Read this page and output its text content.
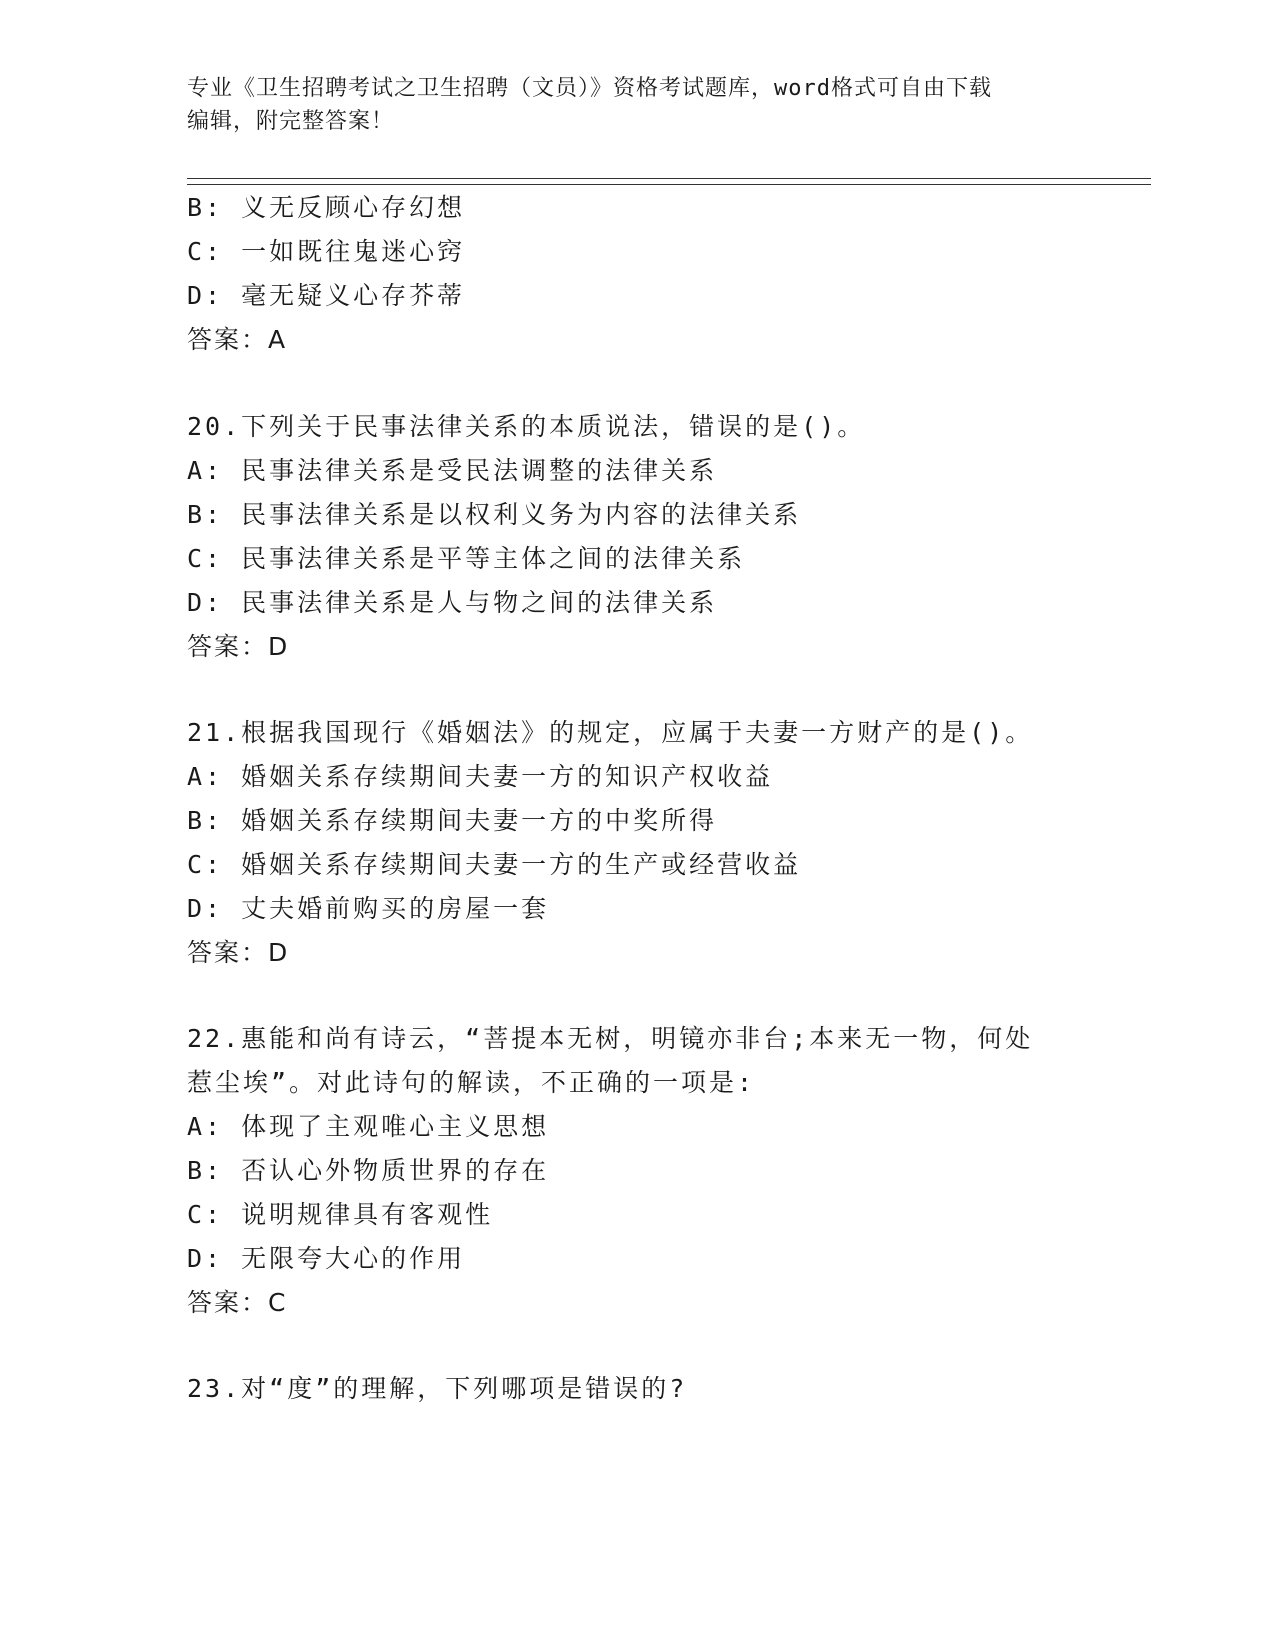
专业《卫生招聘考试之卫生招聘（文员）》资格考试题库，word格式可自由下载
编辑，附完整答案！
B: 义无反顾心存幻想
C: 一如既往鬼迷心窍
D: 毫无疑义心存芥蒂
答案：A
20.下列关于民事法律关系的本质说法，错误的是()。
A: 民事法律关系是受民法调整的法律关系
B: 民事法律关系是以权利义务为内容的法律关系
C: 民事法律关系是平等主体之间的法律关系
D: 民事法律关系是人与物之间的法律关系
答案：D
21.根据我国现行《婚姻法》的规定，应属于夫妻一方财产的是()。
A: 婚姻关系存续期间夫妻一方的知识产权收益
B: 婚姻关系存续期间夫妻一方的中奖所得
C: 婚姻关系存续期间夫妻一方的生产或经营收益
D: 丈夫婚前购买的房屋一套
答案：D
22.惠能和尚有诗云，“菩提本无树，明镜亦非台;本来无一物，何处
惹尘埃”。对此诗句的解读，不正确的一项是:
A: 体现了主观唯心主义思想
B: 否认心外物质世界的存在
C: 说明规律具有客观性
D: 无限夸大心的作用
答案：C
23.对“度”的理解，下列哪项是错误的?
